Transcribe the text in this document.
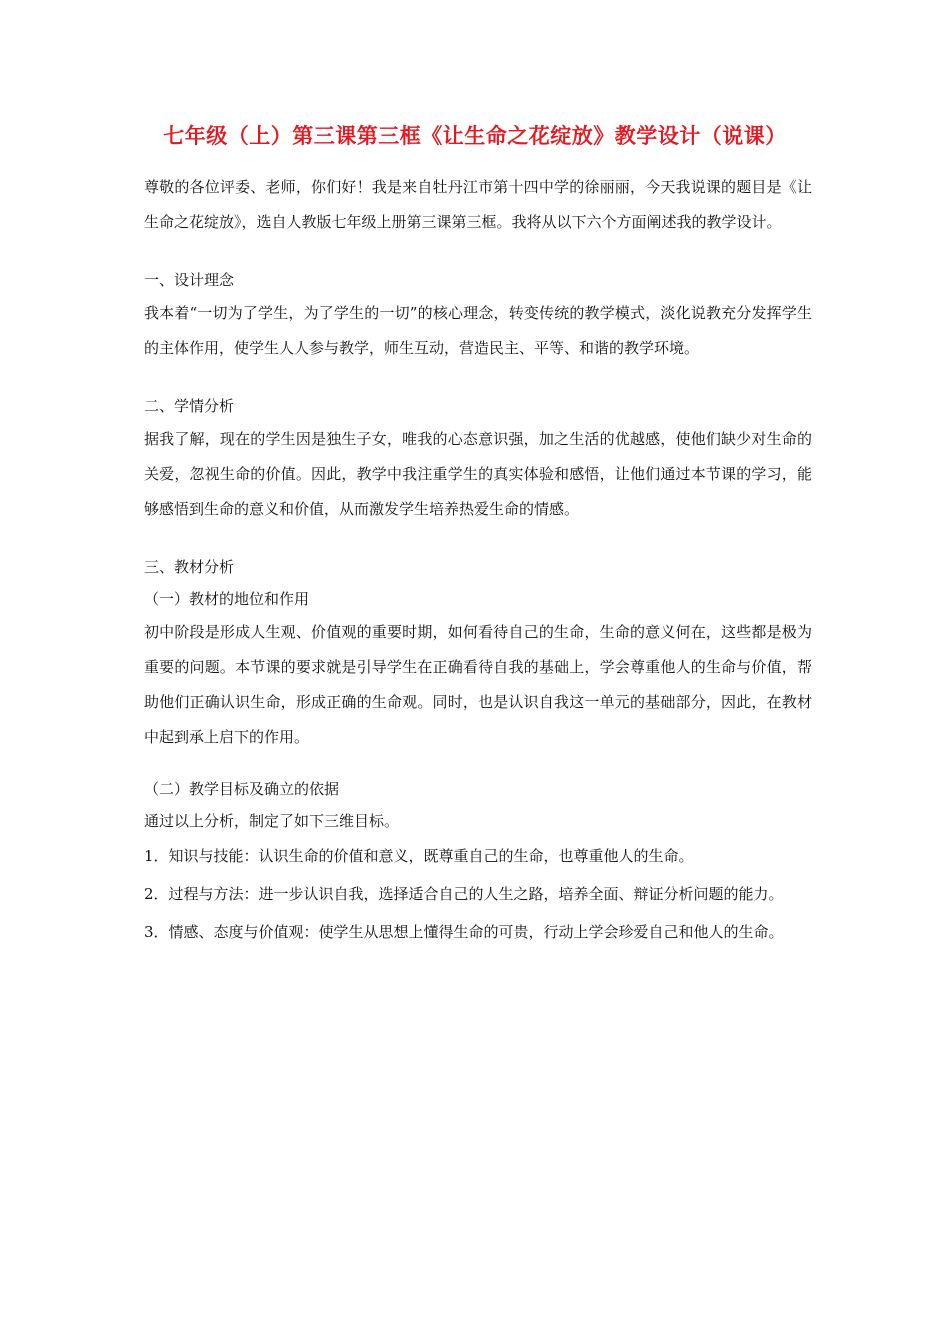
七年级（上）第三课第三框《让生命之花绽放》教学设计（说课）

尊敬的各位评委、老师，你们好！我是来自牡丹江市第十四中学的徐丽丽，今天我说课的题目是《让生命之花绽放》，选自人教版七年级上册第三课第三框。我将从以下六个方面阐述我的教学设计。

一、设计理念

我本着“一切为了学生，为了学生的一切”的核心理念，转变传统的教学模式，淡化说教充分发挥学生的主体作用，使学生人人参与教学，师生互动，营造民主、平等、和谐的教学环境。

二、学情分析

据我了解，现在的学生因是独生子女，唯我的心态意识强，加之生活的优越感，使他们缺少对生命的关爱，忽视生命的价值。因此，教学中我注重学生的真实体验和感悟，让他们通过本节课的学习，能够感悟到生命的意义和价值，从而激发学生培养热爱生命的情感。

三、教材分析

（一）教材的地位和作用

初中阶段是形成人生观、价值观的重要时期，如何看待自己的生命，生命的意义何在，这些都是极为重要的问题。本节课的要求就是引导学生在正确看待自我的基础上，学会尊重他人的生命与价值，帮助他们正确认识生命，形成正确的生命观。同时，也是认识自我这一单元的基础部分，因此，在教材中起到承上启下的作用。

（二）教学目标及确立的依据

通过以上分析，制定了如下三维目标。

1．知识与技能：认识生命的价值和意义，既尊重自己的生命，也尊重他人的生命。

2．过程与方法：进一步认识自我，选择适合自己的人生之路，培养全面、辩证分析问题的能力。

3．情感、态度与价值观：使学生从思想上懂得生命的可贵，行动上学会珍爱自己和他人的生命。
